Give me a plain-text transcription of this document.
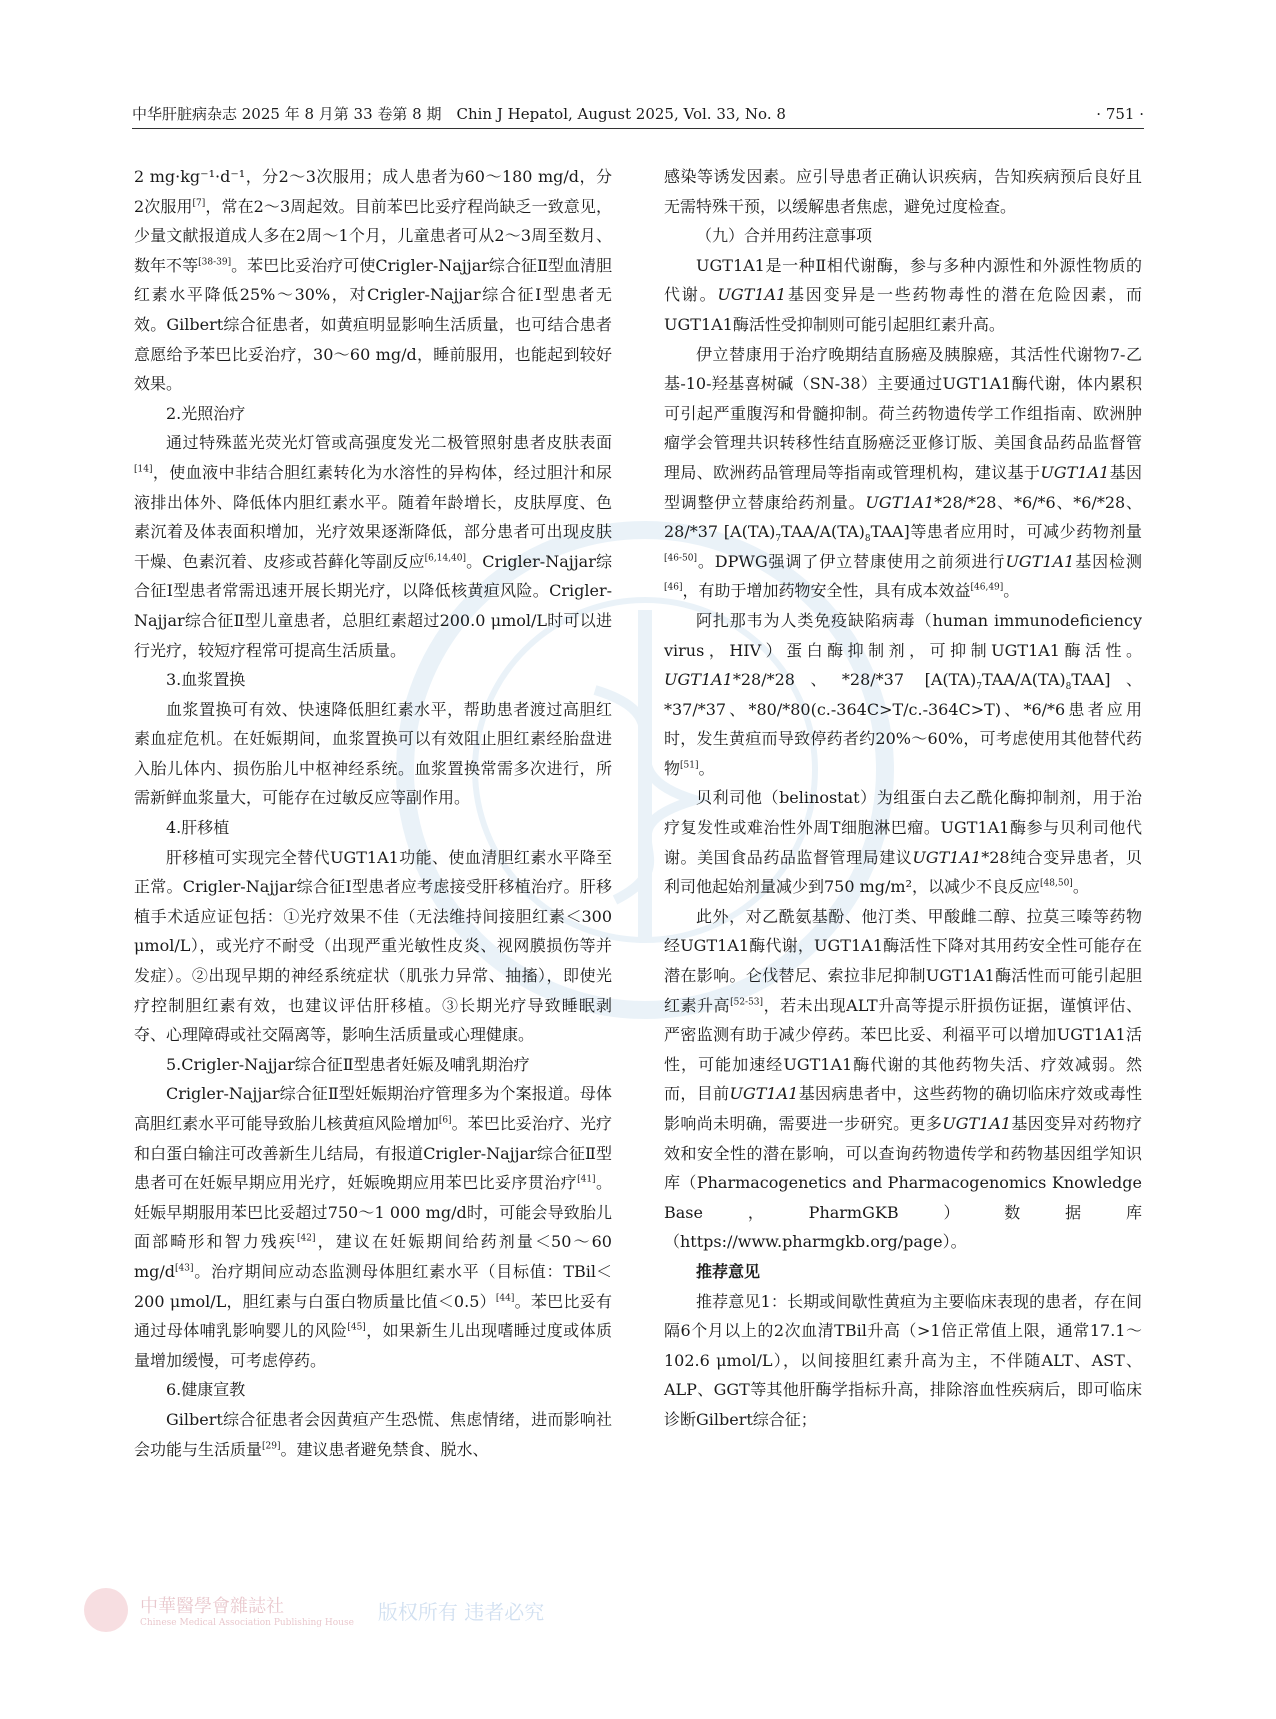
中华肝脏病杂志 2025 年 8 月第 33 卷第 8 期　Chin J Hepatol, August 2025, Vol. 33, No. 8	· 751 ·

2 mg·kg⁻¹·d⁻¹，分2～3次服用；成人患者为60～180 mg/d，分2次服用[7]，常在2～3周起效。目前苯巴比妥疗程尚缺乏一致意见，少量文献报道成人多在2周～1个月，儿童患者可从2～3周至数月、数年不等[38-39]。苯巴比妥治疗可使Crigler-Najjar综合征Ⅱ型血清胆红素水平降低25%～30%，对Crigler-Najjar综合征Ⅰ型患者无效。Gilbert综合征患者，如黄疸明显影响生活质量，也可结合患者意愿给予苯巴比妥治疗，30～60 mg/d，睡前服用，也能起到较好效果。

2.光照治疗

通过特殊蓝光荧光灯管或高强度发光二极管照射患者皮肤表面[14]，使血液中非结合胆红素转化为水溶性的异构体，经过胆汁和尿液排出体外、降低体内胆红素水平。随着年龄增长，皮肤厚度、色素沉着及体表面积增加，光疗效果逐渐降低，部分患者可出现皮肤干燥、色素沉着、皮疹或苔藓化等副反应[6,14,40]。Crigler-Najjar综合征Ⅰ型患者常需迅速开展长期光疗，以降低核黄疸风险。Crigler-Najjar综合征Ⅱ型儿童患者，总胆红素超过200.0 μmol/L时可以进行光疗，较短疗程常可提高生活质量。

3.血浆置换

血浆置换可有效、快速降低胆红素水平，帮助患者渡过高胆红素血症危机。在妊娠期间，血浆置换可以有效阻止胆红素经胎盘进入胎儿体内、损伤胎儿中枢神经系统。血浆置换常需多次进行，所需新鲜血浆量大，可能存在过敏反应等副作用。

4.肝移植

肝移植可实现完全替代UGT1A1功能、使血清胆红素水平降至正常。Crigler-Najjar综合征Ⅰ型患者应考虑接受肝移植治疗。肝移植手术适应证包括：①光疗效果不佳（无法维持间接胆红素＜300 μmol/L），或光疗不耐受（出现严重光敏性皮炎、视网膜损伤等并发症）。②出现早期的神经系统症状（肌张力异常、抽搐），即使光疗控制胆红素有效，也建议评估肝移植。③长期光疗导致睡眠剥夺、心理障碍或社交隔离等，影响生活质量或心理健康。

5.Crigler-Najjar综合征Ⅱ型患者妊娠及哺乳期治疗

Crigler-Najjar综合征Ⅱ型妊娠期治疗管理多为个案报道。母体高胆红素水平可能导致胎儿核黄疸风险增加[6]。苯巴比妥治疗、光疗和白蛋白输注可改善新生儿结局，有报道Crigler-Najjar综合征Ⅱ型患者可在妊娠早期应用光疗，妊娠晚期应用苯巴比妥序贯治疗[41]。妊娠早期服用苯巴比妥超过750～1 000 mg/d时，可能会导致胎儿面部畸形和智力残疾[42]，建议在妊娠期间给药剂量＜50～60 mg/d[43]。治疗期间应动态监测母体胆红素水平（目标值：TBil＜200 μmol/L，胆红素与白蛋白物质量比值＜0.5）[44]。苯巴比妥有通过母体哺乳影响婴儿的风险[45]，如果新生儿出现嗜睡过度或体质量增加缓慢，可考虑停药。

6.健康宣教

Gilbert综合征患者会因黄疸产生恐慌、焦虑情绪，进而影响社会功能与生活质量[29]。建议患者避免禁食、脱水、

感染等诱发因素。应引导患者正确认识疾病，告知疾病预后良好且无需特殊干预，以缓解患者焦虑，避免过度检查。

（九）合并用药注意事项

UGT1A1是一种Ⅱ相代谢酶，参与多种内源性和外源性物质的代谢。UGT1A1基因变异是一些药物毒性的潜在危险因素，而UGT1A1酶活性受抑制则可能引起胆红素升高。

伊立替康用于治疗晚期结直肠癌及胰腺癌，其活性代谢物7-乙基-10-羟基喜树碱（SN-38）主要通过UGT1A1酶代谢，体内累积可引起严重腹泻和骨髓抑制。荷兰药物遗传学工作组指南、欧洲肿瘤学会管理共识转移性结直肠癌泛亚修订版、美国食品药品监督管理局、欧洲药品管理局等指南或管理机构，建议基于UGT1A1基因型调整伊立替康给药剂量。UGT1A1*28/*28、*6/*6、*6/*28、28/*37 $[A(TA)_7TAA/A(TA)_8TAA]$等患者应用时，可减少药物剂量[46-50]。DPWG强调了伊立替康使用之前须进行UGT1A1基因检测[46]，有助于增加药物安全性，具有成本效益[46,49]。

阿扎那韦为人类免疫缺陷病毒（human immunodeficiency virus，HIV）蛋白酶抑制剂，可抑制UGT1A1酶活性。UGT1A1*28/*28、*28/*37 $[A(TA)_7TAA/A(TA)_8TAA]$、*37/*37、*80/*80(c.-364C>T/c.-364C>T)、*6/*6患者应用时，发生黄疸而导致停药者约20%～60%，可考虑使用其他替代药物[51]。

贝利司他（belinostat）为组蛋白去乙酰化酶抑制剂，用于治疗复发性或难治性外周T细胞淋巴瘤。UGT1A1酶参与贝利司他代谢。美国食品药品监督管理局建议UGT1A1*28纯合变异患者，贝利司他起始剂量减少到750 mg/m²，以减少不良反应[48,50]。

此外，对乙酰氨基酚、他汀类、甲酸雌二醇、拉莫三嗪等药物经UGT1A1酶代谢，UGT1A1酶活性下降对其用药安全性可能存在潜在影响。仑伐替尼、索拉非尼抑制UGT1A1酶活性而可能引起胆红素升高[52-53]，若未出现ALT升高等提示肝损伤证据，谨慎评估、严密监测有助于减少停药。苯巴比妥、利福平可以增加UGT1A1活性，可能加速经UGT1A1酶代谢的其他药物失活、疗效减弱。然而，目前UGT1A1基因病患者中，这些药物的确切临床疗效或毒性影响尚未明确，需要进一步研究。更多UGT1A1基因变异对药物疗效和安全性的潜在影响，可以查询药物遗传学和药物基因组学知识库（Pharmacogenetics and Pharmacogenomics Knowledge Base，PharmGKB）数据库（https://www.pharmgkb.org/page）。

推荐意见

推荐意见1：长期或间歇性黄疸为主要临床表现的患者，存在间隔6个月以上的2次血清TBil升高（>1倍正常值上限，通常17.1～102.6 μmol/L），以间接胆红素升高为主，不伴随ALT、AST、ALP、GGT等其他肝酶学指标升高，排除溶血性疾病后，即可临床诊断Gilbert综合征；

中華醫學會雜誌社
Chinese Medical Association Publishing House 版权所有 违者必究
